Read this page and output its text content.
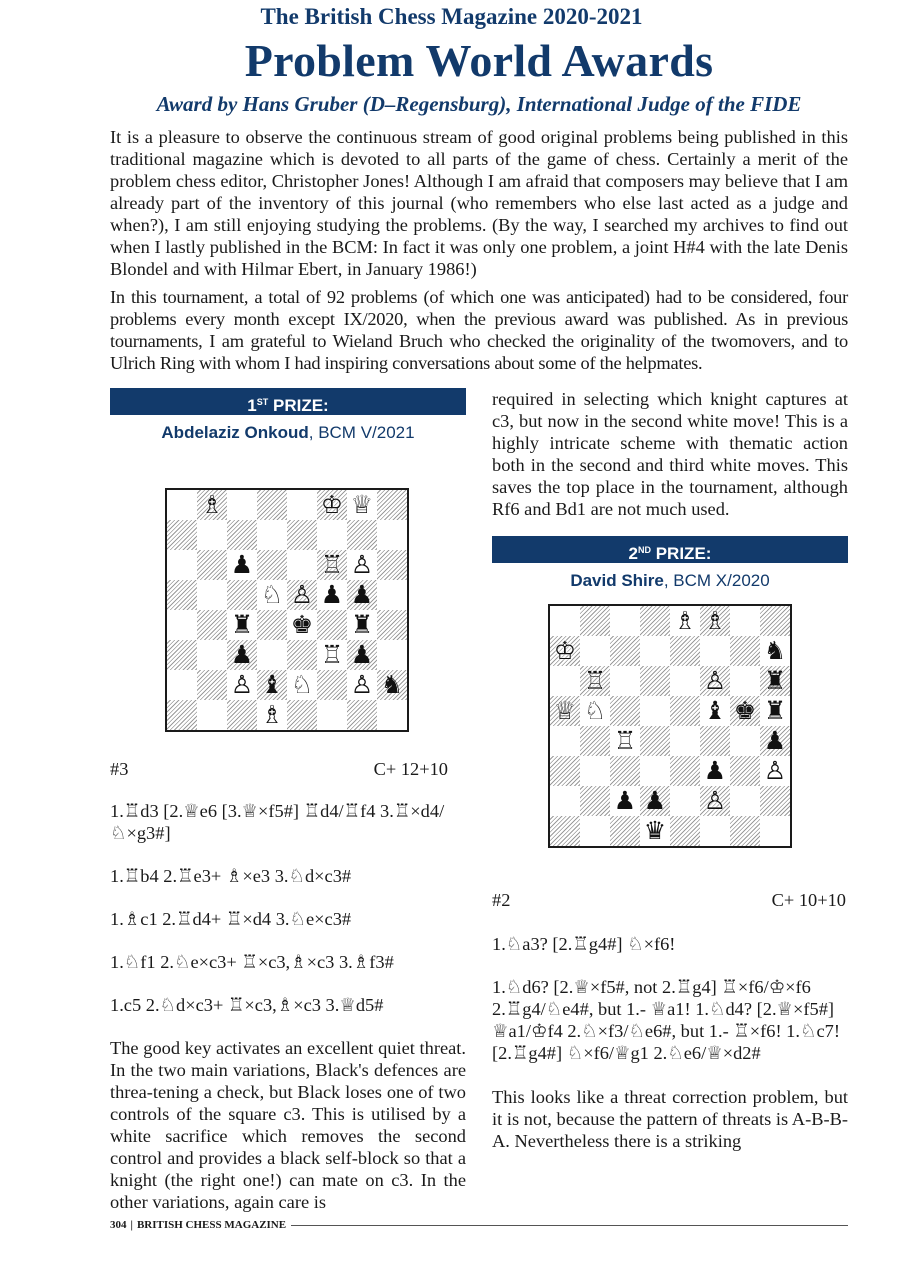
The British Chess Magazine 2020-2021
Problem World Awards
Award by Hans Gruber (D–Regensburg), International Judge of the FIDE

It is a pleasure to observe the continuous stream of good original problems being published in this traditional magazine which is devoted to all parts of the game of chess. Certainly a merit of the problem chess editor, Christopher Jones! Although I am afraid that composers may believe that I am already part of the inventory of this journal (who remembers who else last acted as a judge and when?), I am still enjoying studying the problems. (By the way, I searched my archives to find out when I lastly published in the BCM: In fact it was only one problem, a joint H#4 with the late Denis Blondel and with Hilmar Ebert, in January 1986!)

In this tournament, a total of 92 problems (of which one was anticipated) had to be considered, four problems every month except IX/2020, when the previous award was published. As in previous tournaments, I am grateful to Wieland Bruch who checked the originality of the twomovers, and to Ulrich Ring with whom I had inspiring conversations about some of the helpmates.

1ST PRIZE:
Abdelaziz Onkoud, BCM V/2021
♗	♔ ♕
♟	♖ ♙
♘ ♙ ♟ ♟
♜ ♚ ♜
♟	♖ ♟
♙ ♝ ♘ ♙ ♞
♗
#3	C+ 12+10

1.♖d3 [2.♕e6 [3.♕×f5#] ♖d4/♖f4 3.♖×d4/♘×g3#]

1.♖b4 2.♖e3+ ♗×e3 3.♘d×c3#

1.♗c1 2.♖d4+ ♖×d4 3.♘e×c3#

1.♘f1 2.♘e×c3+ ♖×c3,♗×c3 3.♗f3#

1.c5 2.♘d×c3+ ♖×c3,♗×c3 3.♕d5#

The good key activates an excellent quiet threat. In the two main variations, Black's defences are threa-tening a check, but Black loses one of two controls of the square c3. This is utilised by a white sacrifice which removes the second control and provides a black self-block so that a knight (the right one!) can mate on c3. In the other variations, again care is

required in selecting which knight captures at c3, but now in the second white move! This is a highly intricate scheme with thematic action both in the second and third white moves. This saves the top place in the tournament, although Rf6 and Bd1 are not much used.

2ND PRIZE:
David Shire, BCM X/2020
♗ ♗
♔	♞
♖	♙ ♜
♕ ♘	♝ ♚ ♜
♖	♟
♟ ♙
♟ ♟ ♙
♛
#2	C+ 10+10

1.♘a3? [2.♖g4#] ♘×f6!

1.♘d6? [2.♕×f5#, not 2.♖g4] ♖×f6/♔×f6 2.♖g4/♘e4#, but 1.- ♕a1! 1.♘d4? [2.♕×f5#] ♕a1/♔f4 2.♘×f3/♘e6#, but 1.- ♖×f6! 1.♘c7! [2.♖g4#] ♘×f6/♕g1 2.♘e6/♕×d2#

This looks like a threat correction problem, but it is not, because the pattern of threats is A-B-B-A. Nevertheless there is a striking

304 | BRITISH CHESS MAGAZINE
